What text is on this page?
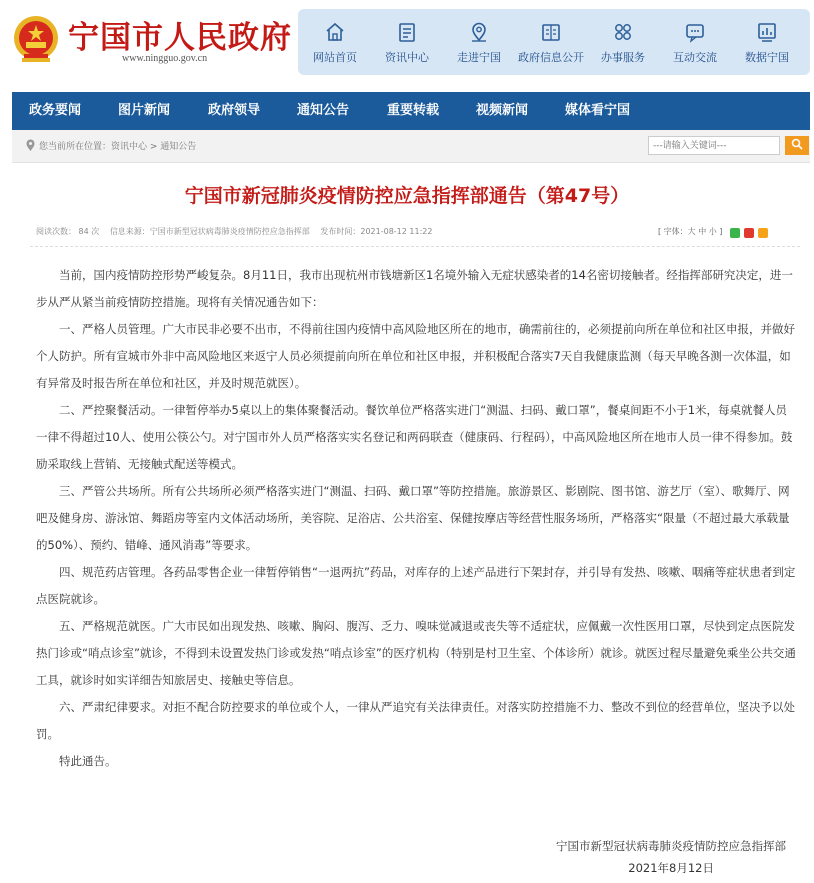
宁国市人民政府
www.ningguo.gov.cn	网站首页	资讯中心	走进宁国	政府信息公开	办事服务	互动交流	数据宁国
政务要闻	图片新闻	政府领导	通知公告	重要转载	视频新闻	媒体看宁国
您当前所在位置：资讯中心 > 通知公告
---请输入关键词---
宁国市新冠肺炎疫情防控应急指挥部通告（第47号）
阅读次数： 84 次 信息来源：宁国市新型冠状病毒肺炎疫情防控应急指挥部 发布时间：2021-08-12 11:22	[ 字体：大 中 小 ]

当前，国内疫情防控形势严峻复杂。8月11日，我市出现杭州市钱塘新区1名境外输入无症状感染者的14名密切接触者。经指挥部研究决定，进一步从严从紧当前疫情防控措施。现将有关情况通告如下：

一、严格人员管理。广大市民非必要不出市，不得前往国内疫情中高风险地区所在的地市，确需前往的，必须提前向所在单位和社区申报，并做好个人防护。所有宣城市外非中高风险地区来返宁人员必须提前向所在单位和社区申报，并积极配合落实7天自我健康监测（每天早晚各测一次体温，如有异常及时报告所在单位和社区，并及时规范就医）。

二、严控聚餐活动。一律暂停举办5桌以上的集体聚餐活动。餐饮单位严格落实进门“测温、扫码、戴口罩”，餐桌间距不小于1米，每桌就餐人员一律不得超过10人、使用公筷公勺。对宁国市外人员严格落实实名登记和两码联查（健康码、行程码），中高风险地区所在地市人员一律不得参加。鼓励采取线上营销、无接触式配送等模式。

三、严管公共场所。所有公共场所必须严格落实进门“测温、扫码、戴口罩”等防控措施。旅游景区、影剧院、图书馆、游艺厅（室）、歌舞厅、网吧及健身房、游泳馆、舞蹈房等室内文体活动场所，美容院、足浴店、公共浴室、保健按摩店等经营性服务场所，严格落实“限量（不超过最大承载量的50%）、预约、错峰、通风消毒”等要求。

四、规范药店管理。各药品零售企业一律暂停销售“一退两抗”药品，对库存的上述产品进行下架封存，并引导有发热、咳嗽、咽痛等症状患者到定点医院就诊。

五、严格规范就医。广大市民如出现发热、咳嗽、胸闷、腹泻、乏力、嗅味觉减退或丧失等不适症状，应佩戴一次性医用口罩，尽快到定点医院发热门诊或“哨点诊室”就诊，不得到未设置发热门诊或发热“哨点诊室”的医疗机构（特别是村卫生室、个体诊所）就诊。就医过程尽量避免乘坐公共交通工具，就诊时如实详细告知旅居史、接触史等信息。

六、严肃纪律要求。对拒不配合防控要求的单位或个人，一律从严追究有关法律责任。对落实防控措施不力、整改不到位的经营单位，坚决予以处罚。

特此通告。

宁国市新型冠状病毒肺炎疫情防控应急指挥部
2021年8月12日
